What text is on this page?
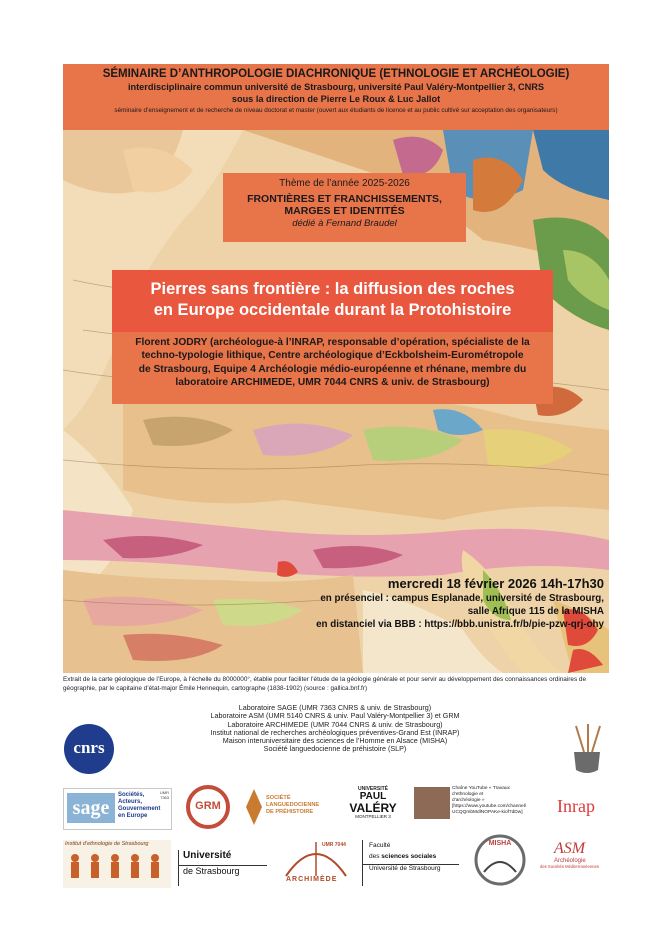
SÉMINAIRE D’ANTHROPOLOGIE DIACHRONIQUE (ETHNOLOGIE ET ARCHÉOLOGIE)
interdisciplinaire commun université de Strasbourg, université Paul Valéry-Montpellier 3, CNRS
sous la direction de Pierre Le Roux & Luc Jallot
séminaire d’enseignement et de recherche de niveau doctorat et master (ouvert aux étudiants de licence et au public cultivé sur acceptation des organisateurs)
Thème de l’année 2025-2026
FRONTIÈRES ET FRANCHISSEMENTS,
MARGES ET IDENTITÉS
dédié à Fernand Braudel
Pierres sans frontière : la diffusion des roches
en Europe occidentale durant la Protohistoire
Florent JODRY (archéologue-à l’INRAP, responsable d’opération, spécialiste de la
techno-typologie lithique, Centre archéologique d’Eckbolsheim-Eurométropole
de Strasbourg, Equipe 4 Archéologie médio-européenne et rhénane, membre du
laboratoire ARCHIMEDE, UMR 7044 CNRS & univ. de Strasbourg)
mercredi 18 février 2026 14h-17h30
en présenciel : campus Esplanade, université de Strasbourg,
salle Afrique 115 de la MISHA
en distanciel via BBB : https://bbb.unistra.fr/b/pie-pzw-qrj-ohy
Extrait de la carte géologique de l’Europe, à l’échelle du 8000000°, établie pour faciliter l’étude de la géologie générale et pour servir au développement des connaissances ordinaires de
géographie, par le capitaine d’état-major Émile Hennequin, cartographe (1838-1902) (source : gallica.bnf.fr)
Laboratoire SAGE (UMR 7363 CNRS & univ. de Strasbourg)
Laboratoire ASM (UMR 5140 CNRS & univ. Paul Valéry-Montpellier 3) et GRM
Laboratoire ARCHIMEDE (UMR 7044 CNRS & univ. de Strasbourg)
Institut national de recherches archéologiques préventives-Grand Est (INRAP)
Maison interuniversitaire des sciences de l’Homme en Alsace (MISHA)
Société languedocienne de préhistoire (SLP)
cnrs
sage
Sociétés,
Acteurs,
Gouvernement
en Europe
UMR 7363
GRM
SOCIÉTÉ
LANGUEDOCIENNE
DE PRÉHISTOIRE
UNIVERSITÉ
PAUL
VALÉRY
MONTPELLIER 3
Chaîne YouTube « Travaux
d’ethnologie et
d’archéologie »
[https://www.youtube.com/channel/
UCQQmbMdlNOPAKe-kiof7dDw]	Inrap
Institut d’ethnologie de Strasbourg
Université
de Strasbourg
UMR 7044
ARCHIMÈDE
Faculté
des sciences sociales
Université de Strasbourg
MISHA	ASM
Archéologie
des Sociétés Méditerranéennes
